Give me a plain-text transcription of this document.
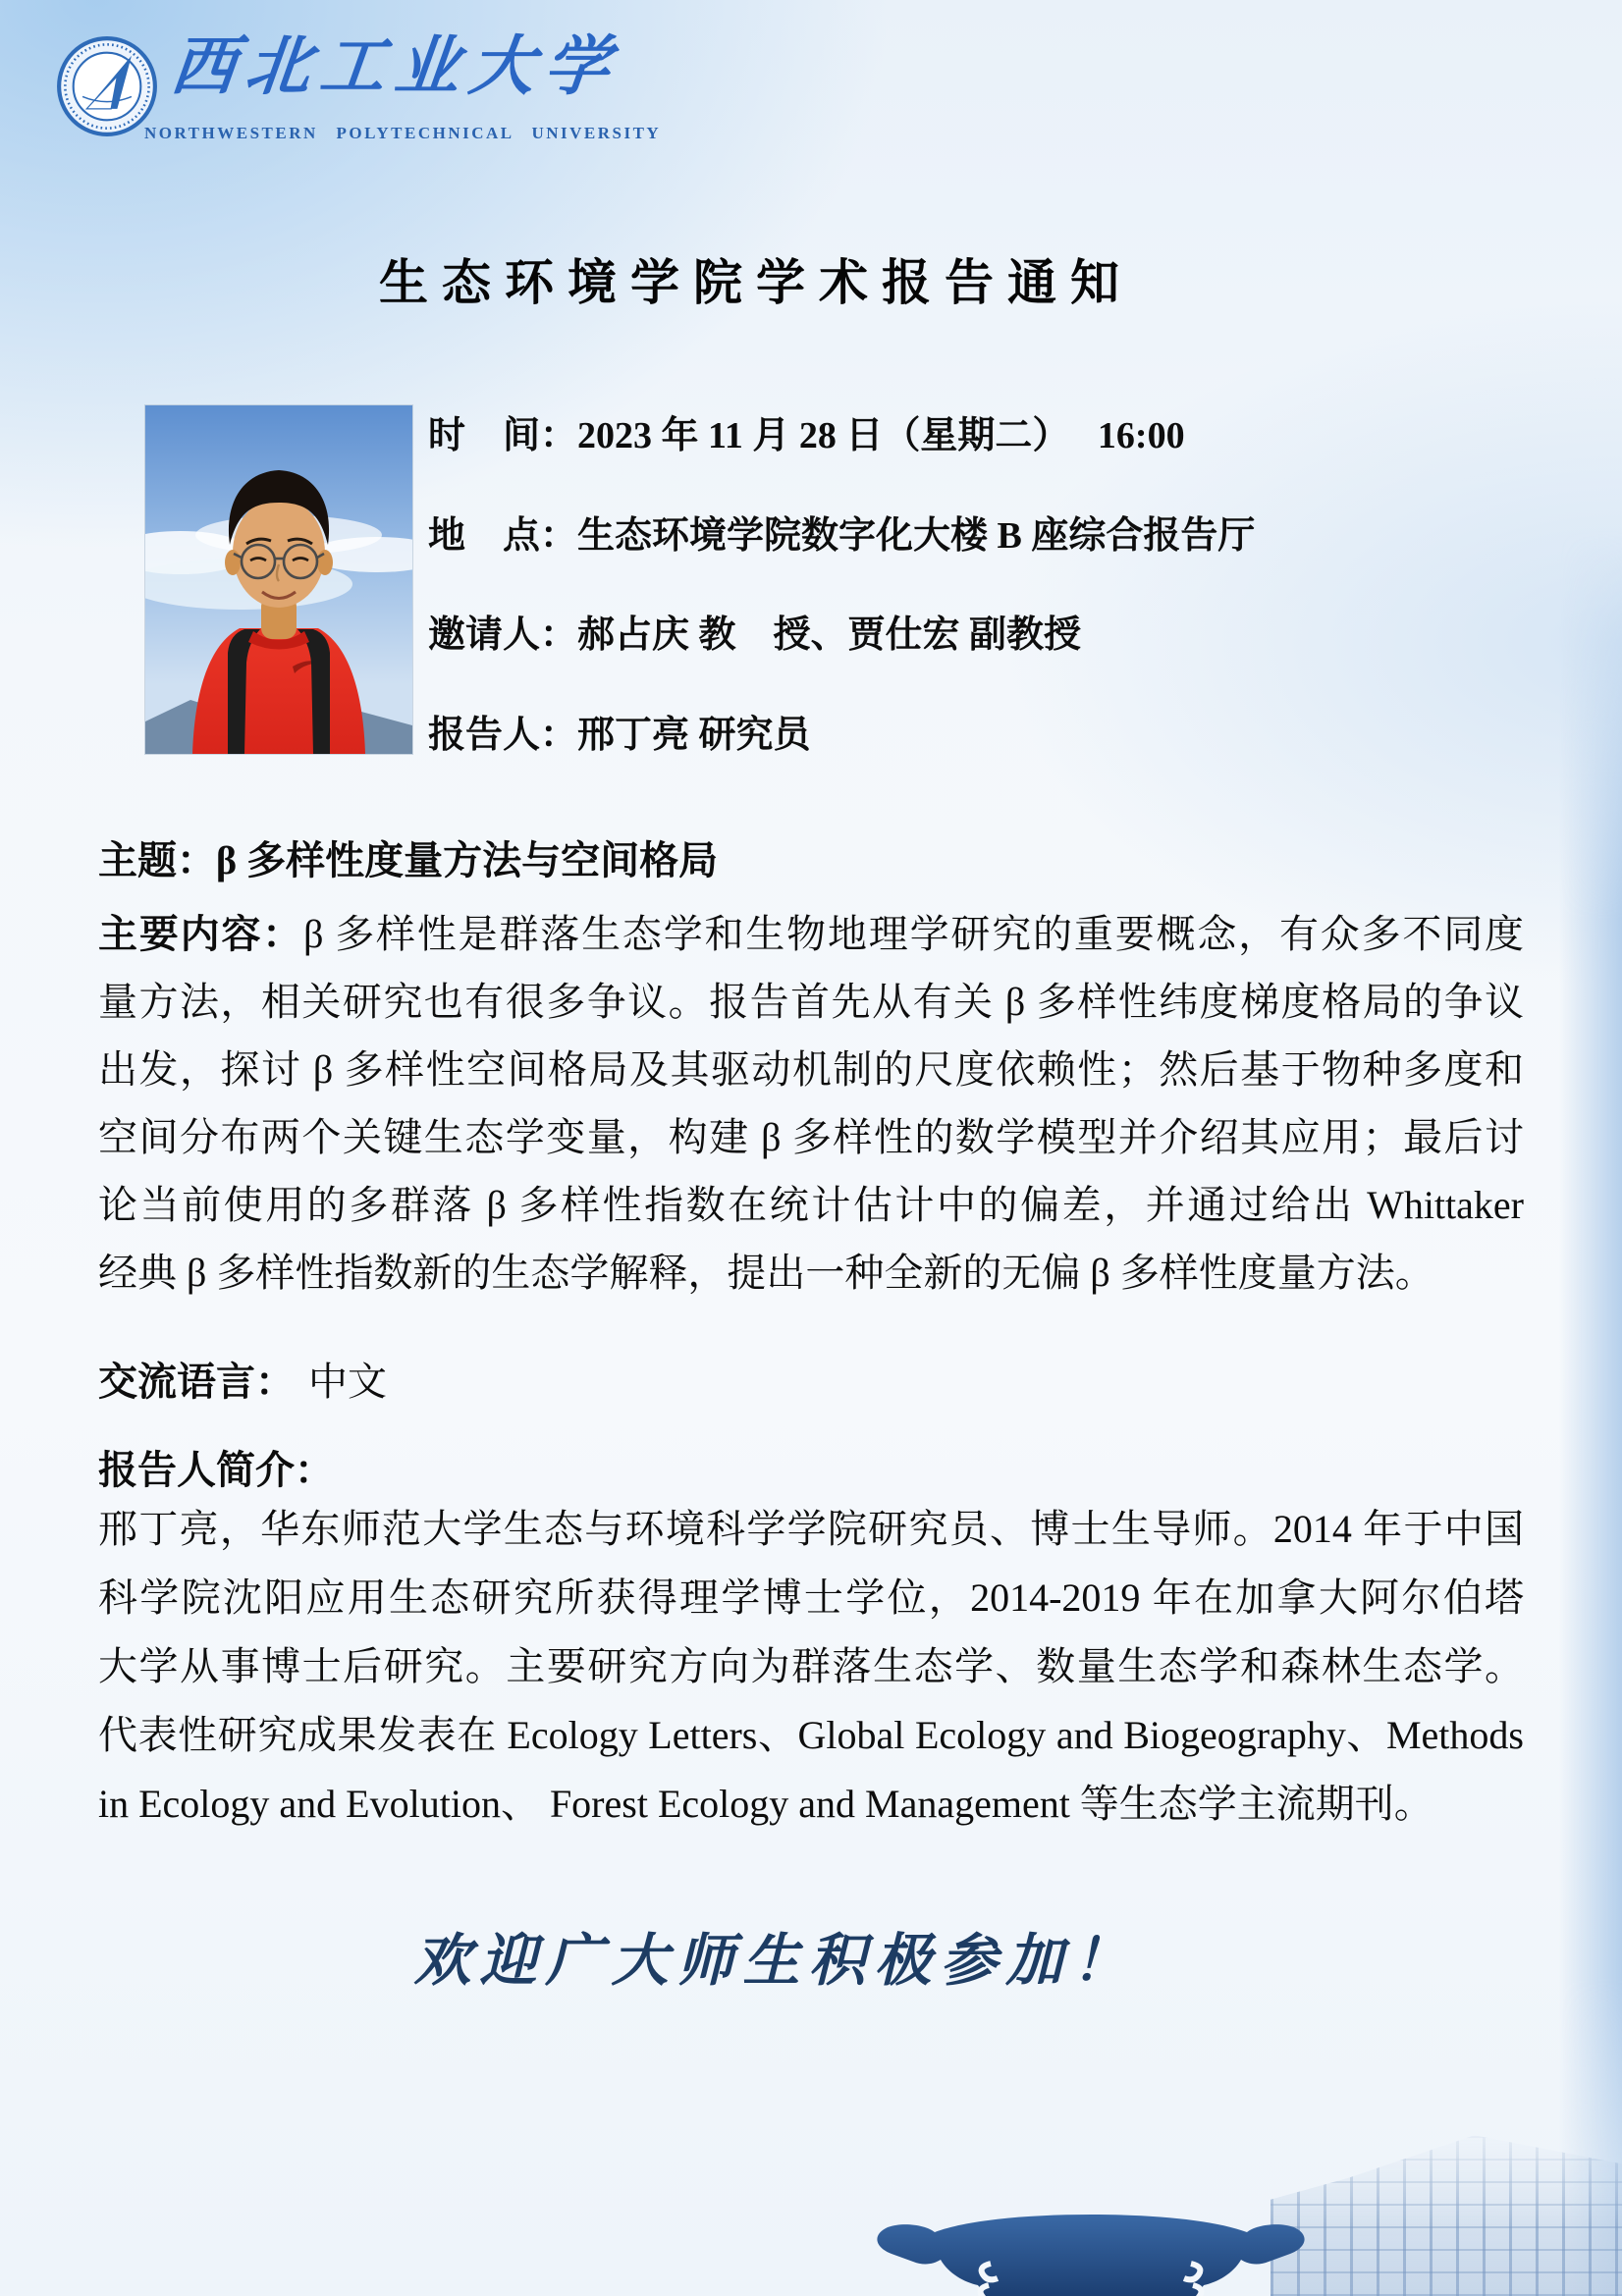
西北工业大学
NORTHWESTERN POLYTECHNICAL UNIVERSITY
生态环境学院学术报告通知
时　间：2023 年 11 月 28 日（星期二）　 16:00
地　点：生态环境学院数字化大楼 B 座综合报告厅
邀请人：郝占庆 教　授、贾仕宏 副教授
报告人：邢丁亮 研究员
主题：β 多样性度量方法与空间格局
主要内容：β 多样性是群落生态学和生物地理学研究的重要概念，有众多不同度
量方法，相关研究也有很多争议。报告首先从有关 β 多样性纬度梯度格局的争议
出发，探讨 β 多样性空间格局及其驱动机制的尺度依赖性；然后基于物种多度和
空间分布两个关键生态学变量，构建 β 多样性的数学模型并介绍其应用；最后讨
论当前使用的多群落 β 多样性指数在统计估计中的偏差，并通过给出 Whittaker
经典 β 多样性指数新的生态学解释，提出一种全新的无偏 β 多样性度量方法。
交流语言： 中文
报告人简介：
邢丁亮，华东师范大学生态与环境科学学院研究员、博士生导师。2014 年于中国
科学院沈阳应用生态研究所获得理学博士学位，2014-2019 年在加拿大阿尔伯塔
大学从事博士后研究。主要研究方向为群落生态学、数量生态学和森林生态学。
代表性研究成果发表在 Ecology Letters、Global Ecology and Biogeography、Methods
in Ecology and Evolution、 Forest Ecology and Management 等生态学主流期刊。
欢迎广大师生积极参加！
